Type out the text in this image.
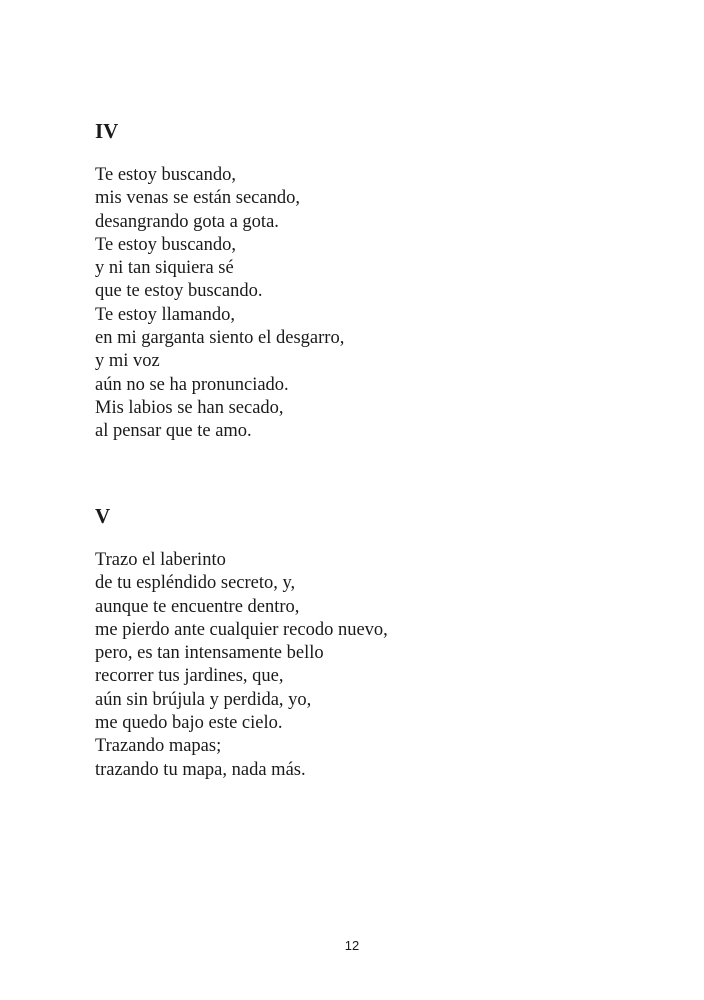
IV
Te estoy buscando,
mis venas se están secando,
desangrando gota a gota.
Te estoy buscando,
y ni tan siquiera sé
que te estoy buscando.
Te estoy llamando,
en mi garganta siento el desgarro,
y mi voz
aún no se ha pronunciado.
Mis labios se han secado,
al pensar que te amo.
V
Trazo el laberinto
de tu espléndido secreto, y,
aunque te encuentre dentro,
me pierdo ante cualquier recodo nuevo,
pero, es tan intensamente bello
recorrer tus jardines, que,
aún sin brújula y perdida, yo,
me quedo bajo este cielo.
Trazando mapas;
trazando tu mapa, nada más.
12
